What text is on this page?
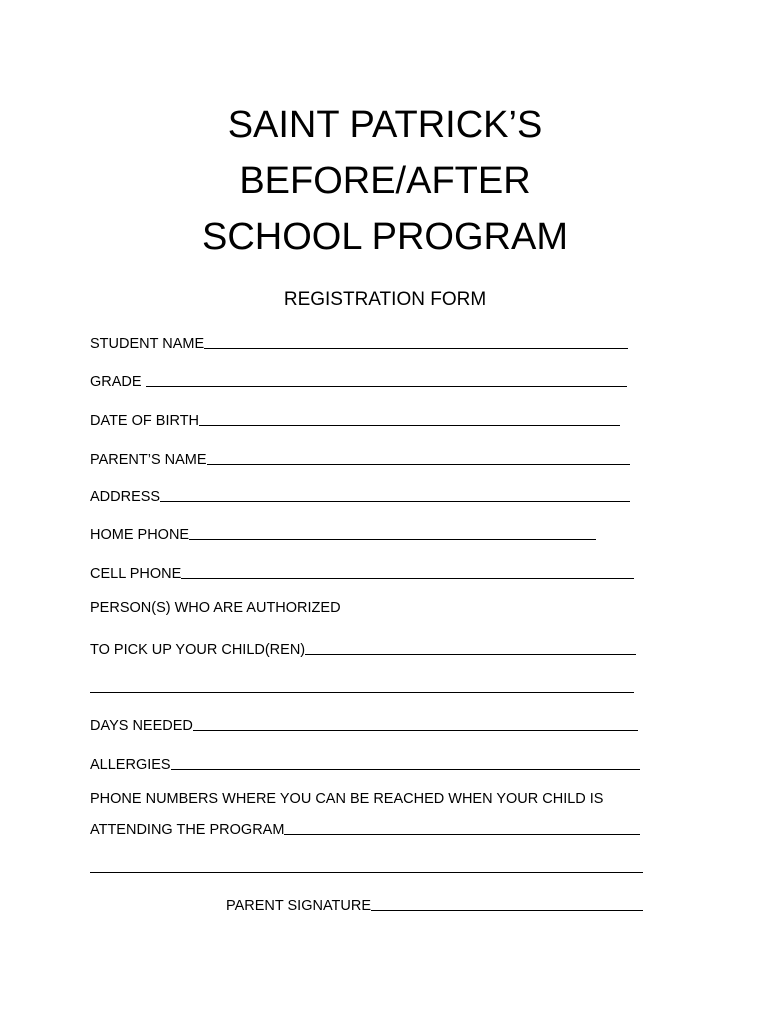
SAINT PATRICK’S
BEFORE/AFTER
SCHOOL PROGRAM
REGISTRATION FORM
STUDENT NAME
GRADE
DATE OF BIRTH
PARENT’S NAME
ADDRESS
HOME PHONE
CELL PHONE
PERSON(S) WHO ARE AUTHORIZED
TO PICK UP YOUR CHILD(REN)
DAYS NEEDED
ALLERGIES
PHONE NUMBERS WHERE YOU CAN BE REACHED WHEN YOUR CHILD IS
ATTENDING THE PROGRAM
PARENT SIGNATURE
